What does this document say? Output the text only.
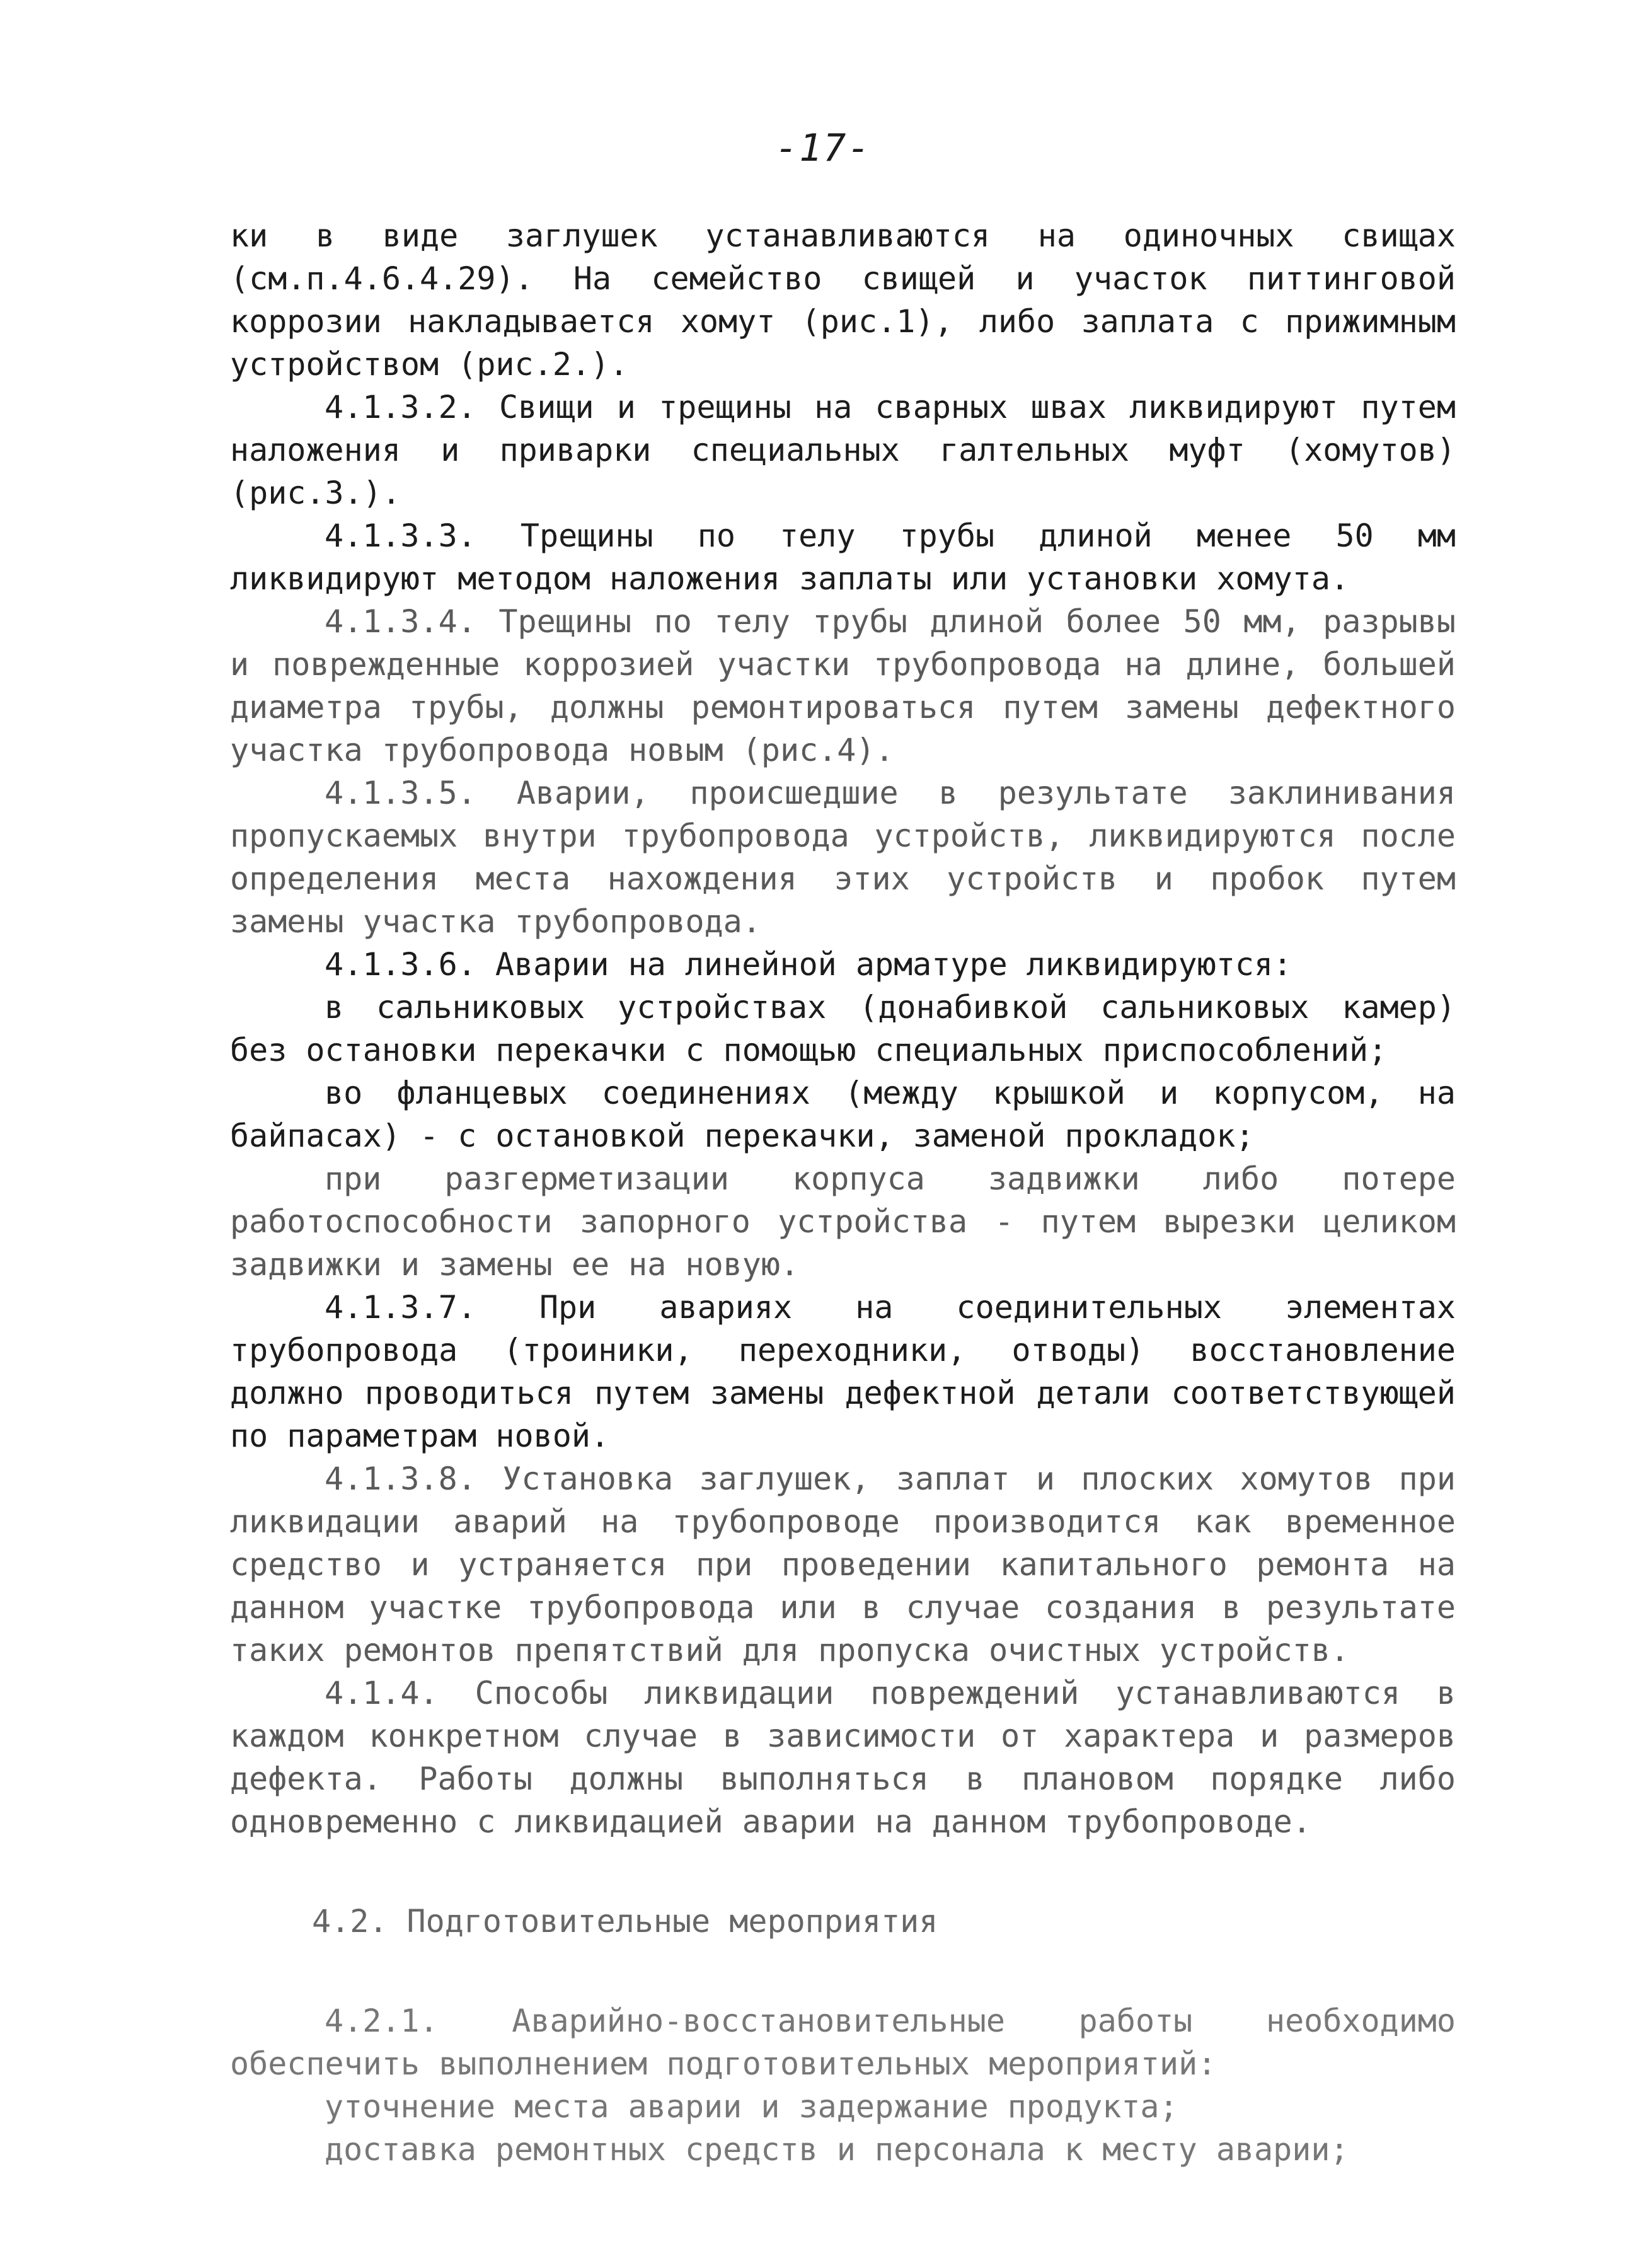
-17-

ки в виде заглушек устанавливаются на одиночных свищах (см.п.4.6.4.29). На семейство свищей и участок питтинговой коррозии накладывается хомут (рис.1), либо заплата с прижимным устройством (рис.2.).

4.1.3.2. Свищи и трещины на сварных швах ликвидируют путем наложения и приварки специальных галтельных муфт (хомутов) (рис.3.).

4.1.3.3. Трещины по телу трубы длиной менее 50 мм ликвидируют методом наложения заплаты или установки хомута.

4.1.3.4. Трещины по телу трубы длиной более 50 мм, разрывы и поврежденные коррозией участки трубопровода на длине, большей диаметра трубы, должны ремонтироваться путем замены дефектного участка трубопровода новым (рис.4).

4.1.3.5. Аварии, происшедшие в результате заклинивания пропускаемых внутри трубопровода устройств, ликвидируются после определения места нахождения этих устройств и пробок путем замены участка трубопровода.

4.1.3.6. Аварии на линейной арматуре ликвидируются:

в сальниковых устройствах (донабивкой сальниковых камер) без остановки перекачки с помощью специальных приспособлений;

во фланцевых соединениях (между крышкой и корпусом, на байпасах) - с остановкой перекачки, заменой прокладок;

при разгерметизации корпуса задвижки либо потере работоспособности запорного устройства - путем вырезки целиком задвижки и замены ее на новую.

4.1.3.7. При авариях на соединительных элементах трубопровода (троиники, переходники, отводы) восстановление должно проводиться путем замены дефектной детали соответствующей по параметрам новой.

4.1.3.8. Установка заглушек, заплат и плоских хомутов при ликвидации аварий на трубопроводе производится как временное средство и устраняется при проведении капитального ремонта на данном участке трубопровода или в случае создания в результате таких ремонтов препятствий для пропуска очистных устройств.

4.1.4. Способы ликвидации повреждений устанавливаются в каждом конкретном случае в зависимости от характера и размеров дефекта. Работы должны выполняться в плановом порядке либо одновременно с ликвидацией аварии на данном трубопроводе.

4.2. Подготовительные мероприятия

4.2.1. Аварийно-восстановительные работы необходимо обеспечить выполнением подготовительных мероприятий:

уточнение места аварии и задержание продукта;

доставка ремонтных средств и персонала к месту аварии;
